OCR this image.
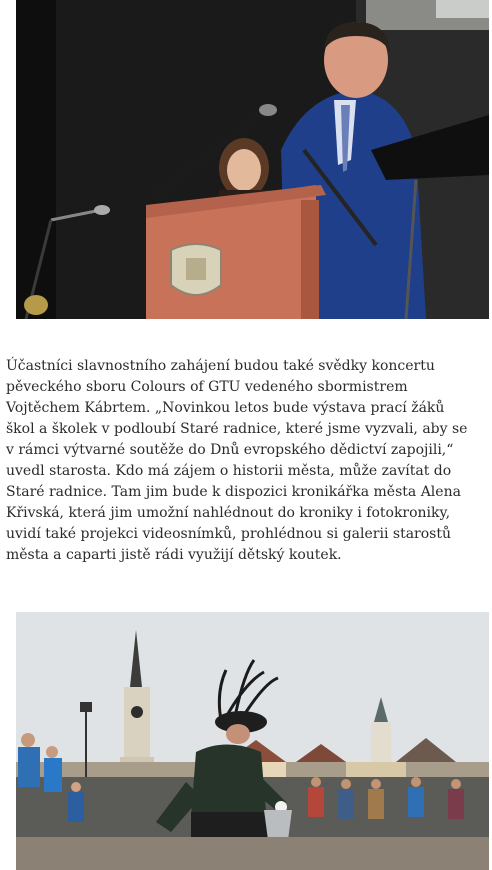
Účastníci slavnostního zahájení budou také svědky koncertu
pěveckého sboru Colours of GTU vedeného sbormistrem
Vojtěchem Kábrtem. „Novinkou letos bude výstava prací žáků
škol a školek v podloubí Staré radnice, které jsme vyzvali, aby se
v rámci výtvarné soutěže do Dnů evropského dědictví zapojili,“
uvedl starosta. Kdo má zájem o historii města, může zavítat do
Staré radnice. Tam jim bude k dispozici kronikářka města Alena
Křivská, která jim umožní nahlédnout do kroniky i fotokroniky,
uvidí také projekci videosnímků, prohlédnou si galerii starostů
města a caparti jistě rádi využijí dětský koutek.
